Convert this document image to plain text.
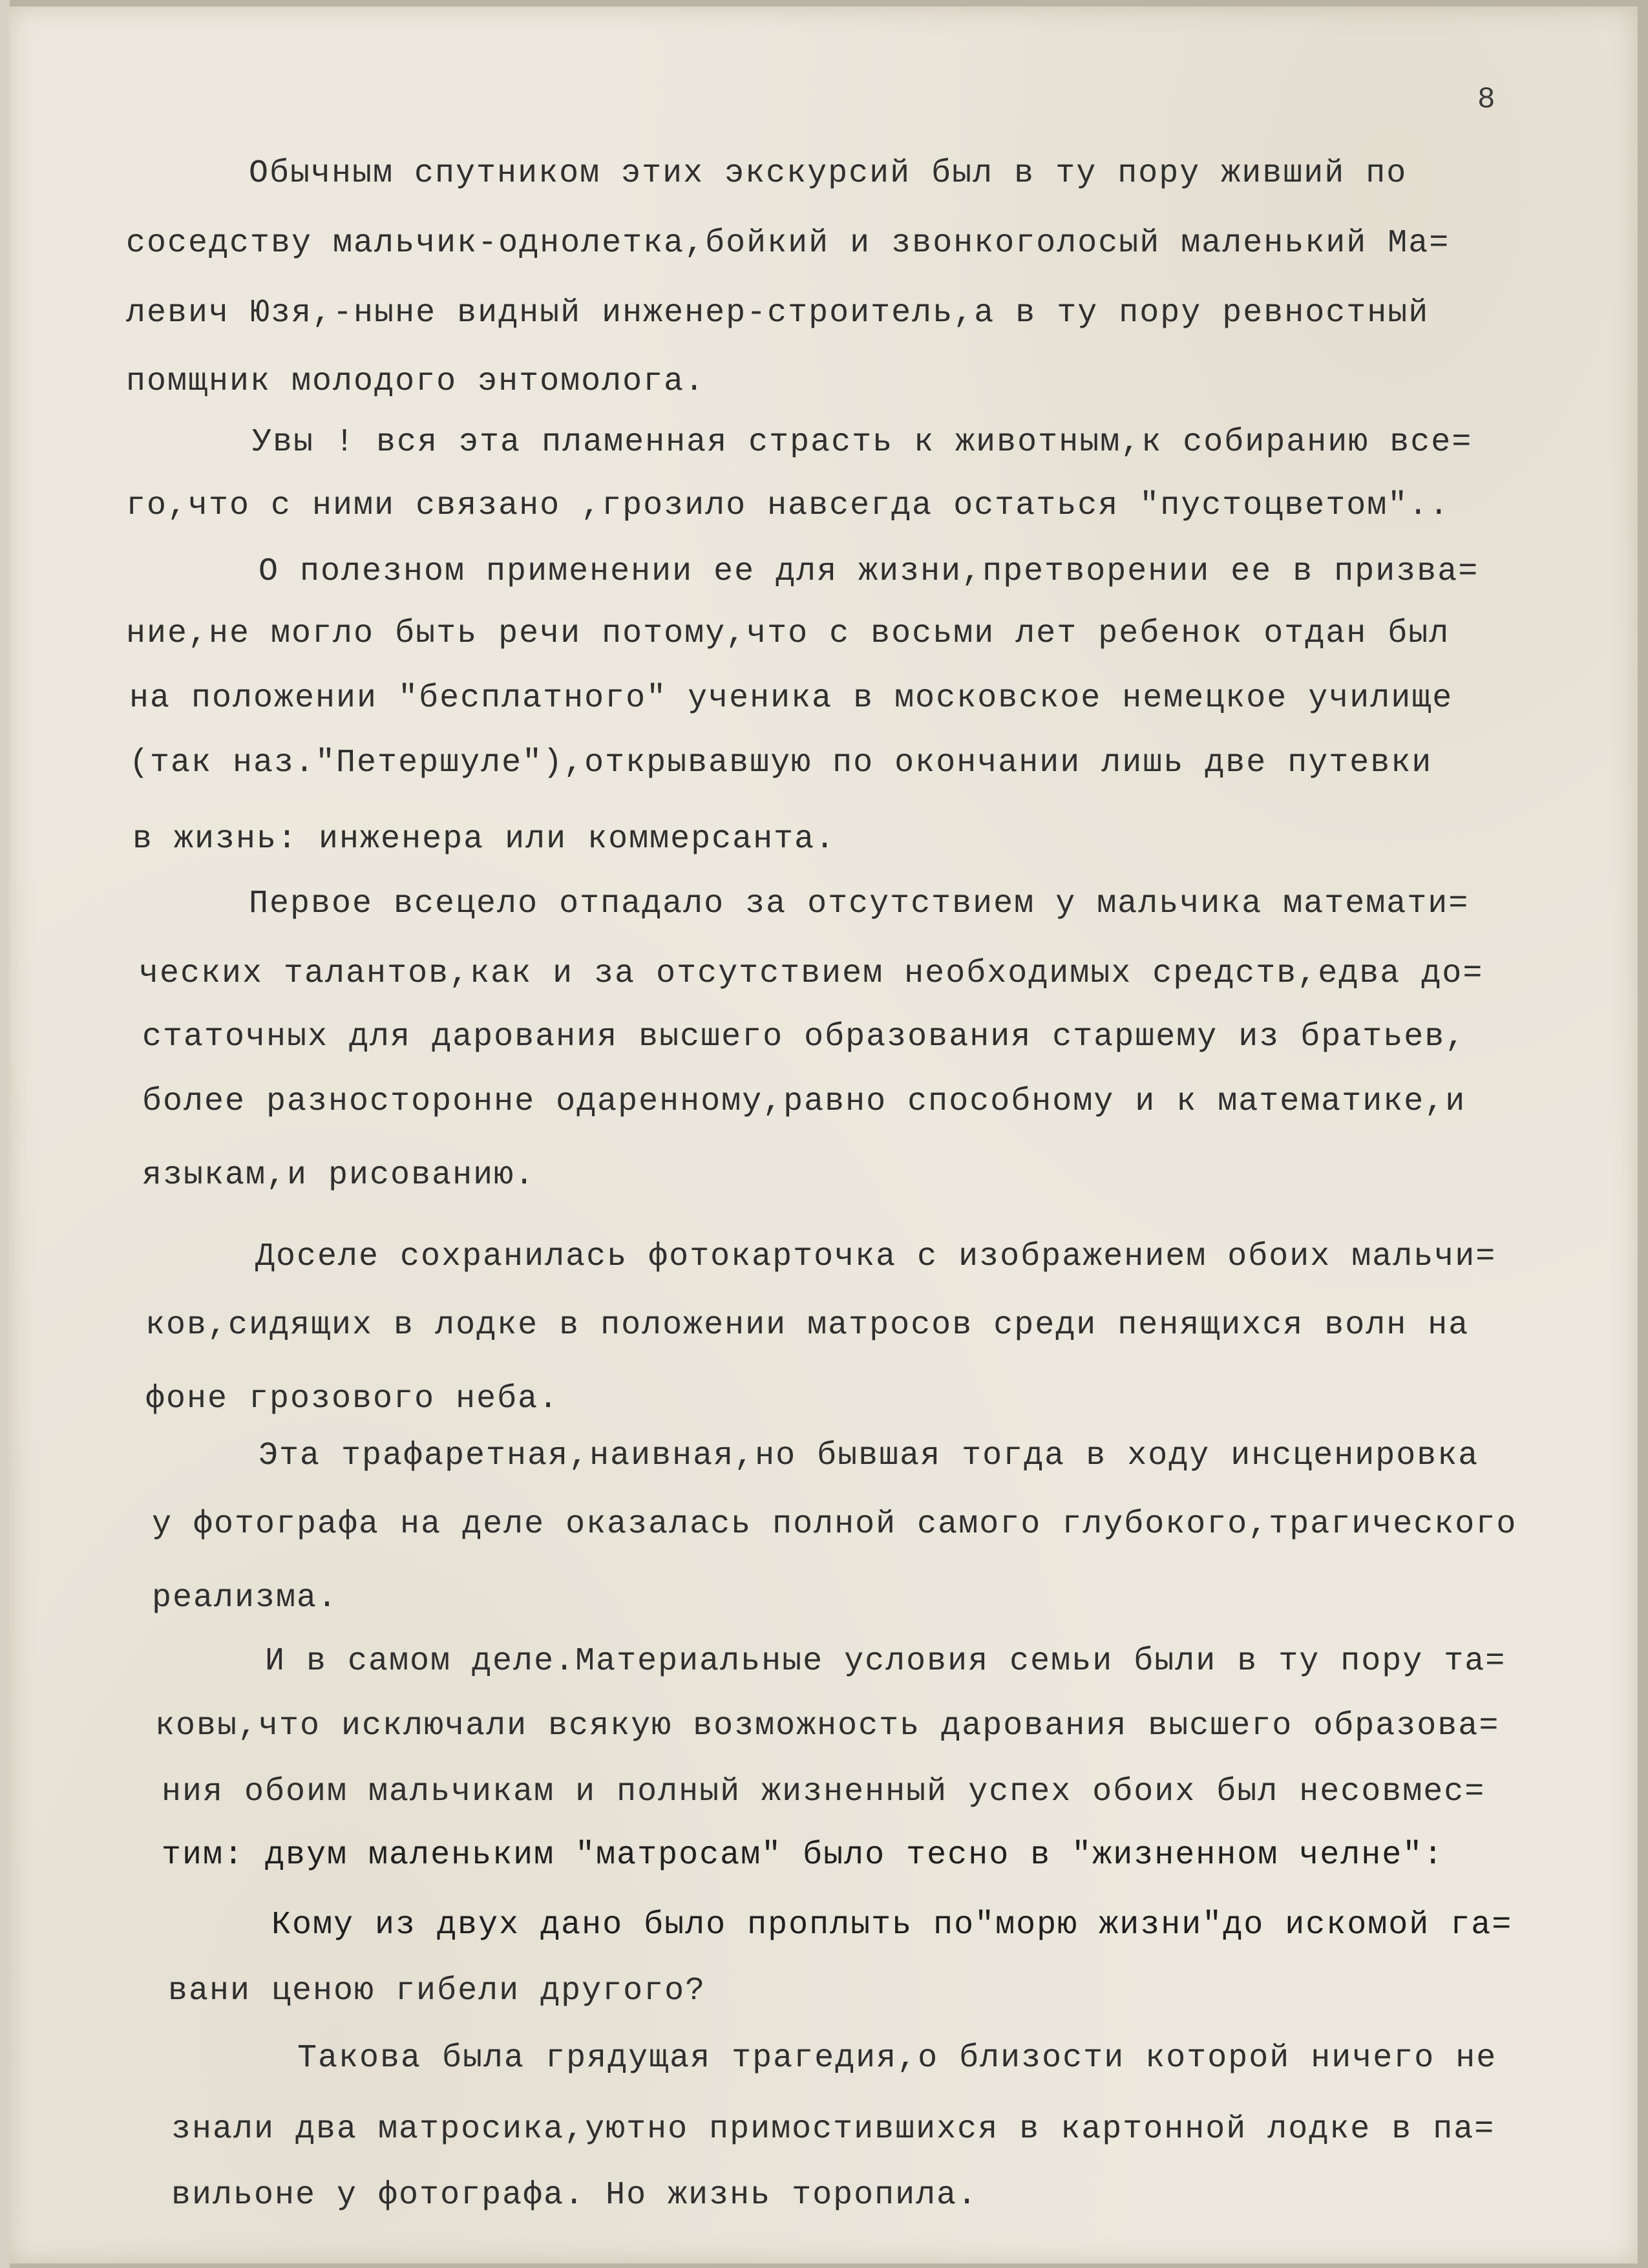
8
Обычным спутником этих экскурсий был в ту пору живший по
соседству мальчик-однолетка,бойкий и звонкоголосый маленький Ма=
левич Юзя,-ныне видный инженер-строитель,а в ту пору ревностный
помщник молодого энтомолога.
Увы ! вся эта пламенная страсть к животным,к собиранию все=
го,что с ними связано ,грозило навсегда остаться "пустоцветом"..
О полезном применении ее для жизни,претворении ее в призва=
ние,не могло быть речи потому,что с восьми лет ребенок отдан был
на положении "бесплатного" ученика в московское немецкое училище
(так наз."Петершуле"),открывавшую по окончании лишь две путевки
в жизнь: инженера или коммерсанта.
Первое всецело отпадало за отсутствием у мальчика математи=
ческих талантов,как и за отсутствием необходимых средств,едва до=
статочных для дарования высшего образования старшему из братьев,
более разносторонне одаренному,равно способному и к математике,и
языкам,и рисованию.
Доселе сохранилась фотокарточка с изображением обоих мальчи=
ков,сидящих в лодке в положении матросов среди пенящихся волн на
фоне грозового неба.
Эта трафаретная,наивная,но бывшая тогда в ходу инсценировка
у фотографа на деле оказалась полной самого глубокого,трагического
реализма.
И в самом деле.Материальные условия семьи были в ту пору та=
ковы,что исключали всякую возможность дарования высшего образова=
ния обоим мальчикам и полный жизненный успех обоих был несовмес=
тим: двум маленьким "матросам" было тесно в "жизненном челне":
Кому из двух дано было проплыть по"морю жизни"до искомой га=
вани ценою гибели другого?
Такова была грядущая трагедия,о близости которой ничего не
знали два матросика,уютно примостившихся в картонной лодке в па=
вильоне у фотографа. Но жизнь торопила.
